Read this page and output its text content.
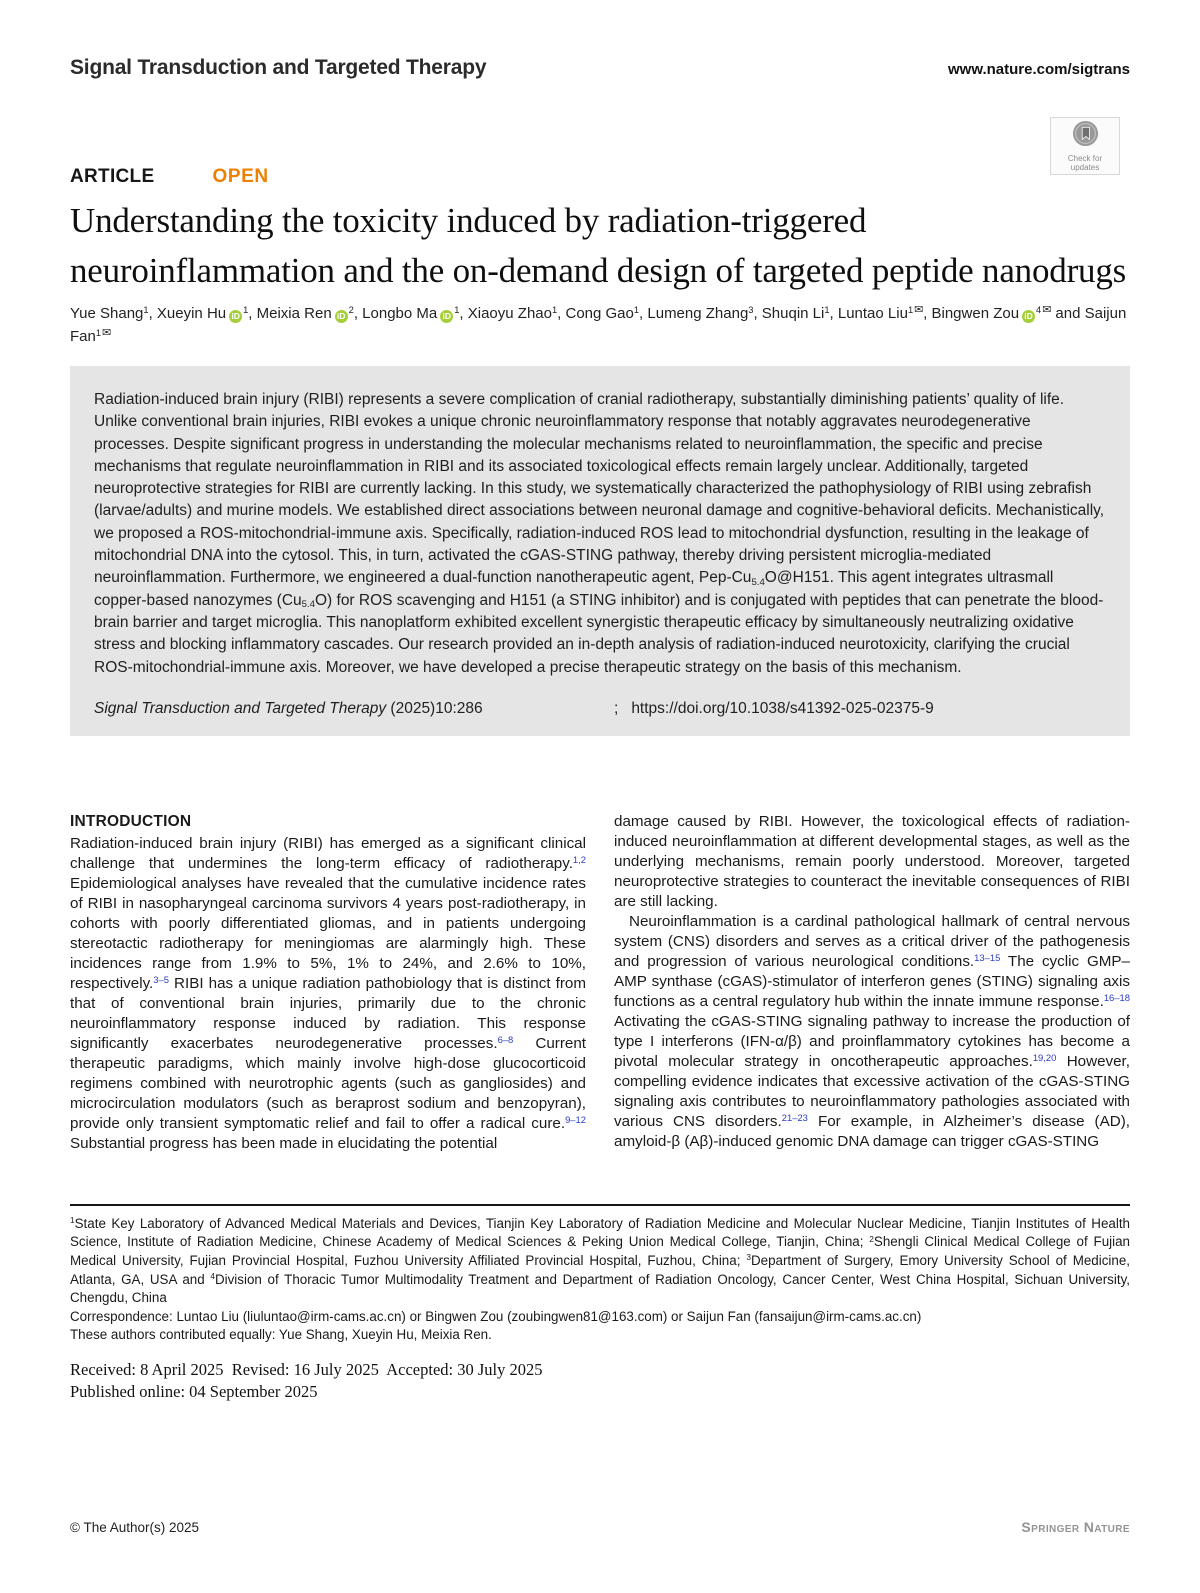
Signal Transduction and Targeted Therapy	www.nature.com/sigtrans
Check for updates
ARTICLE	OPEN
Understanding the toxicity induced by radiation-triggered neuroinflammation and the on-demand design of targeted peptide nanodrugs
Yue Shang$^1$, Xueyin Hu $iD^1$, Meixia Ren $iD^2$, Longbo Ma $iD^1$, Xiaoyu Zhao$^1$, Cong Gao$^1$, Lumeng Zhang$^3$, Shuqin Li$^1$, Luntao Liu$^{1✉}$, Bingwen Zou $iD^{4✉}$ and Saijun Fan$^{1✉}$
Radiation-induced brain injury (RIBI) represents a severe complication of cranial radiotherapy, substantially diminishing patients’ quality of life. Unlike conventional brain injuries, RIBI evokes a unique chronic neuroinflammatory response that notably aggravates neurodegenerative processes. Despite significant progress in understanding the molecular mechanisms related to neuroinflammation, the specific and precise mechanisms that regulate neuroinflammation in RIBI and its associated toxicological effects remain largely unclear. Additionally, targeted neuroprotective strategies for RIBI are currently lacking. In this study, we systematically characterized the pathophysiology of RIBI using zebrafish (larvae/adults) and murine models. We established direct associations between neuronal damage and cognitive-behavioral deficits. Mechanistically, we proposed a ROS-mitochondrial-immune axis. Specifically, radiation-induced ROS lead to mitochondrial dysfunction, resulting in the leakage of mitochondrial DNA into the cytosol. This, in turn, activated the cGAS-STING pathway, thereby driving persistent microglia-mediated neuroinflammation. Furthermore, we engineered a dual-function nanotherapeutic agent, Pep-$Cu_{5.4}O@H151$. This agent integrates ultrasmall copper-based nanozymes $(Cu_{5.4}O)$ for ROS scavenging and H151 (a STING inhibitor) and is conjugated with peptides that can penetrate the blood-brain barrier and target microglia. This nanoplatform exhibited excellent synergistic therapeutic efficacy by simultaneously neutralizing oxidative stress and blocking inflammatory cascades. Our research provided an in-depth analysis of radiation-induced neurotoxicity, clarifying the crucial ROS-mitochondrial-immune axis. Moreover, we have developed a precise therapeutic strategy on the basis of this mechanism.
Signal Transduction and Targeted Therapy (2025)10:286	; https://doi.org/10.1038/s41392-025-02375-9
INTRODUCTION

Radiation-induced brain injury (RIBI) has emerged as a significant clinical challenge that undermines the long-term efficacy of radiotherapy.$^{1,2}$ Epidemiological analyses have revealed that the cumulative incidence rates of RIBI in nasopharyngeal carcinoma survivors 4 years post-radiotherapy, in cohorts with poorly differentiated gliomas, and in patients undergoing stereotactic radiotherapy for meningiomas are alarmingly high. These incidences range from 1.9% to 5%, 1% to 24%, and 2.6% to 10%, respectively.$^{3-5}$ RIBI has a unique radiation pathobiology that is distinct from that of conventional brain injuries, primarily due to the chronic neuroinflammatory response induced by radiation. This response significantly exacerbates neurodegenerative processes.$^{6-8}$ Current therapeutic paradigms, which mainly involve high-dose glucocorticoid regimens combined with neurotrophic agents (such as gangliosides) and microcirculation modulators (such as beraprost sodium and benzopyran), provide only transient symptomatic relief and fail to offer a radical cure.$^{9-12}$ Substantial progress has been made in elucidating the potential

damage caused by RIBI. However, the toxicological effects of radiation-induced neuroinflammation at different developmental stages, as well as the underlying mechanisms, remain poorly understood. Moreover, targeted neuroprotective strategies to counteract the inevitable consequences of RIBI are still lacking.

Neuroinflammation is a cardinal pathological hallmark of central nervous system (CNS) disorders and serves as a critical driver of the pathogenesis and progression of various neurological conditions.$^{13-15}$ The cyclic GMP–AMP synthase (cGAS)-stimulator of interferon genes (STING) signaling axis functions as a central regulatory hub within the innate immune response.$^{16-18}$ Activating the cGAS-STING signaling pathway to increase the production of type I interferons (IFN-α/β) and proinflammatory cytokines has become a pivotal molecular strategy in oncotherapeutic approaches.$^{19,20}$ However, compelling evidence indicates that excessive activation of the cGAS-STING signaling axis contributes to neuroinflammatory pathologies associated with various CNS disorders.$^{21-23}$ For example, in Alzheimer’s disease (AD), amyloid-β (Aβ)-induced genomic DNA damage can trigger cGAS-STING

$^1$State Key Laboratory of Advanced Medical Materials and Devices, Tianjin Key Laboratory of Radiation Medicine and Molecular Nuclear Medicine, Tianjin Institutes of Health Science, Institute of Radiation Medicine, Chinese Academy of Medical Sciences & Peking Union Medical College, Tianjin, China; $^2$Shengli Clinical Medical College of Fujian Medical University, Fujian Provincial Hospital, Fuzhou University Affiliated Provincial Hospital, Fuzhou, China; $^3$Department of Surgery, Emory University School of Medicine, Atlanta, GA, USA and $^4$Division of Thoracic Tumor Multimodality Treatment and Department of Radiation Oncology, Cancer Center, West China Hospital, Sichuan University, Chengdu, China
Correspondence: Luntao Liu (liuluntao@irm-cams.ac.cn) or Bingwen Zou (zoubingwen81@163.com) or Saijun Fan (fansaijun@irm-cams.ac.cn)
These authors contributed equally: Yue Shang, Xueyin Hu, Meixia Ren.
Received: 8 April 2025  Revised: 16 July 2025  Accepted: 30 July 2025
Published online: 04 September 2025
© The Author(s) 2025	Springer Nature
